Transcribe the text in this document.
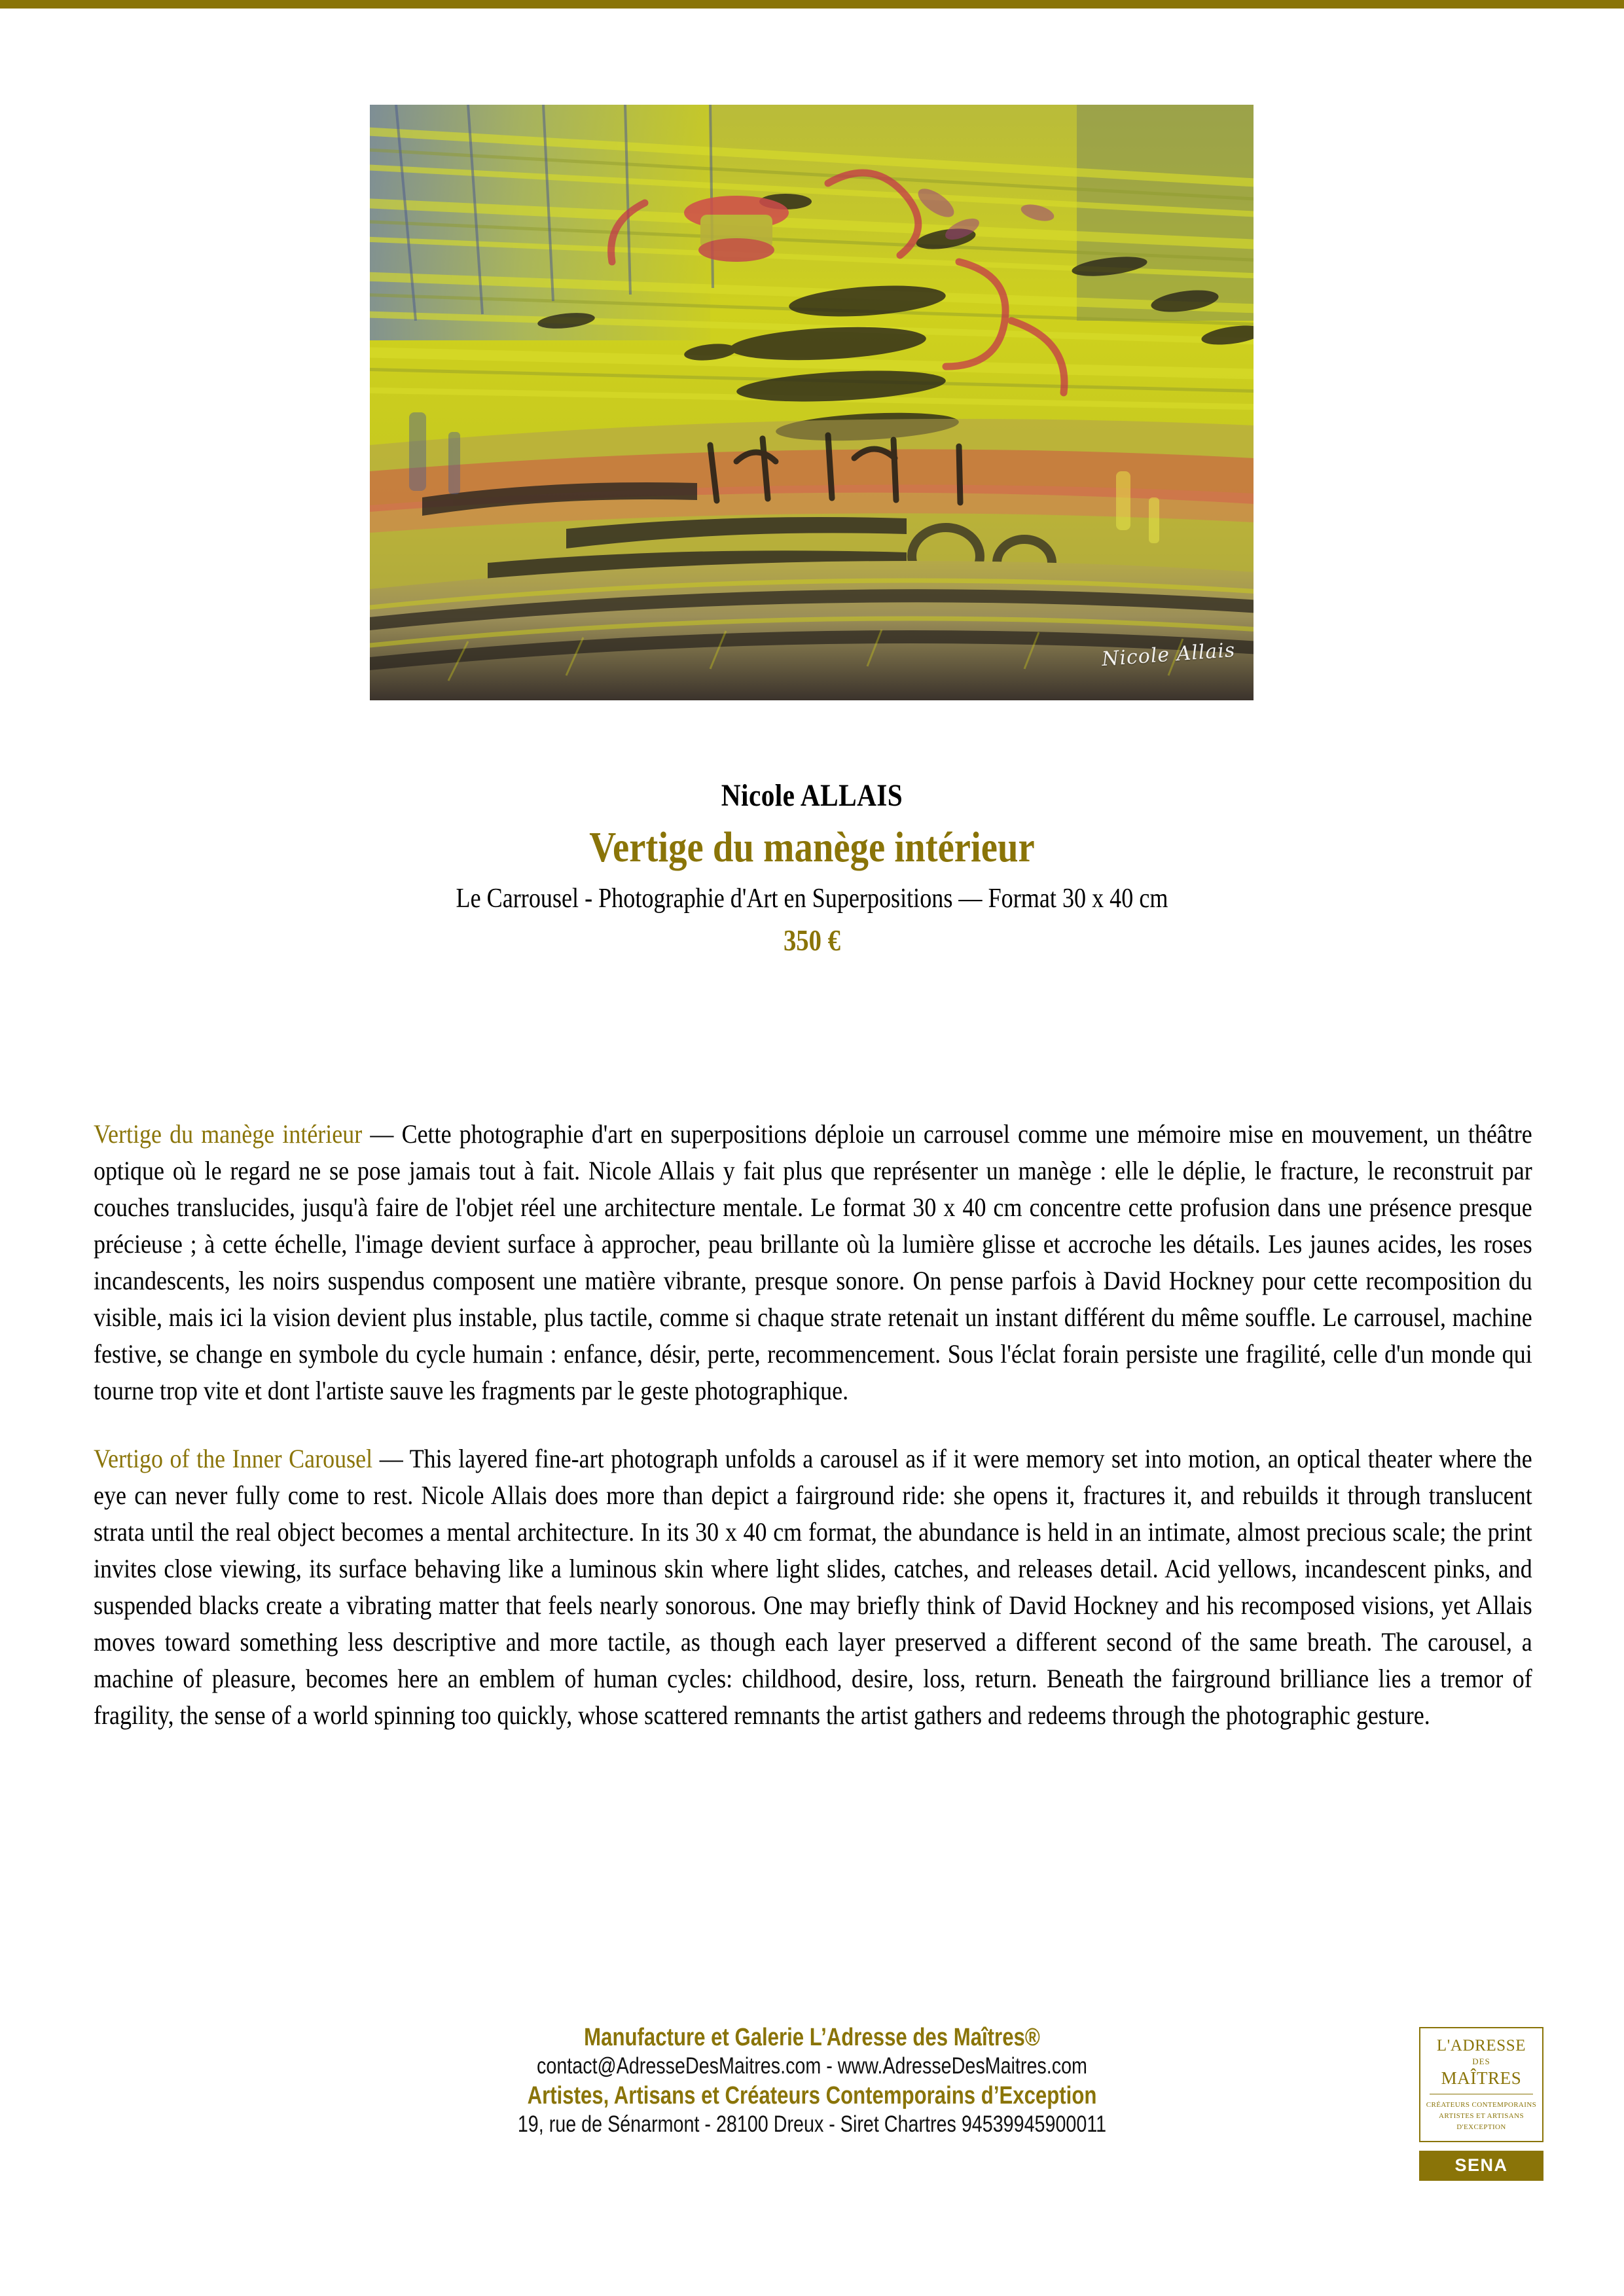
Nicole Allais
Nicole ALLAIS
Vertige du manège intérieur
Le Carrousel - Photographie d'Art en Superpositions — Format 30 x 40 cm
350 €

Vertige du manège intérieur — Cette photographie d'art en superpositions déploie un carrousel comme une mémoire mise en mouvement, un théâtre optique où le regard ne se pose jamais tout à fait. Nicole Allais y fait plus que représenter un manège : elle le déplie, le fracture, le reconstruit par couches translucides, jusqu'à faire de l'objet réel une architecture mentale. Le format 30 x 40 cm concentre cette profusion dans une présence presque précieuse ; à cette échelle, l'image devient surface à approcher, peau brillante où la lumière glisse et accroche les détails. Les jaunes acides, les roses incandescents, les noirs suspendus composent une matière vibrante, presque sonore. On pense parfois à David Hockney pour cette recomposition du visible, mais ici la vision devient plus instable, plus tactile, comme si chaque strate retenait un instant différent du même souffle. Le carrousel, machine festive, se change en symbole du cycle humain : enfance, désir, perte, recommencement. Sous l'éclat forain persiste une fragilité, celle d'un monde qui tourne trop vite et dont l'artiste sauve les fragments par le geste photographique.

Vertigo of the Inner Carousel — This layered fine-art photograph unfolds a carousel as if it were memory set into motion, an optical theater where the eye can never fully come to rest. Nicole Allais does more than depict a fairground ride: she opens it, fractures it, and rebuilds it through translucent strata until the real object becomes a mental architecture. In its 30 x 40 cm format, the abundance is held in an intimate, almost precious scale; the print invites close viewing, its surface behaving like a luminous skin where light slides, catches, and releases detail. Acid yellows, incandescent pinks, and suspended blacks create a vibrating matter that feels nearly sonorous. One may briefly think of David Hockney and his recomposed visions, yet Allais moves toward something less descriptive and more tactile, as though each layer preserved a different second of the same breath. The carousel, a machine of pleasure, becomes here an emblem of human cycles: childhood, desire, loss, return. Beneath the fairground brilliance lies a tremor of fragility, the sense of a world spinning too quickly, whose scattered remnants the artist gathers and redeems through the photographic gesture.

Manufacture et Galerie L’Adresse des Maîtres®
contact@AdresseDesMaitres.com - www.AdresseDesMaitres.com
Artistes, Artisans et Créateurs Contemporains d’Exception
19, rue de Sénarmont - 28100 Dreux - Siret Chartres 94539945900011
L'ADRESSE
DES
MAÎTRES
CRÉATEURS CONTEMPORAINS
ARTISTES ET ARTISANS
D'EXCEPTION
SENA
